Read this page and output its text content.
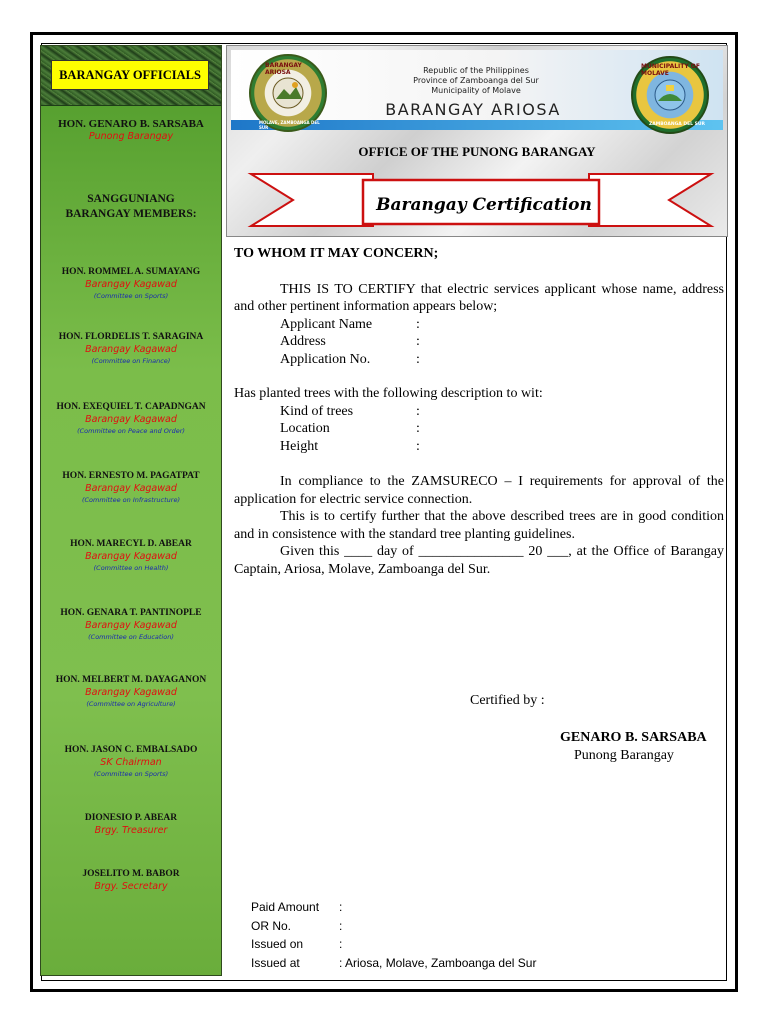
BARANGAY OFFICIALS
HON. GENARO B. SARSABA
Punong Barangay
SANGGUNIANG BARANGAY MEMBERS:
HON. ROMMEL A. SUMAYANG
Barangay Kagawad
(Committee on Sports)
HON. FLORDELIS T. SARAGINA
Barangay Kagawad
(Committee on Finance)
HON. EXEQUIEL T. CAPADNGAN
Barangay Kagawad
(Committee on Peace and Order)
HON. ERNESTO M. PAGATPAT
Barangay Kagawad
(Committee on Infrastructure)
HON. MARECYL D. ABEAR
Barangay Kagawad
(Committee on Health)
HON. GENARA T. PANTINOPLE
Barangay Kagawad
(Committee on Education)
HON. MELBERT M. DAYAGANON
Barangay Kagawad
(Committee on Agriculture)
HON. JASON C. EMBALSADO
SK Chairman
(Committee on Sports)
DIONESIO P. ABEAR
Brgy. Treasurer
JOSELITO M. BABOR
Brgy. Secretary
BARANGAY ARIOSA
MOLAVE, ZAMBOANGA DEL SUR
Republic of the Philippines
Province of Zamboanga del Sur
Municipality of Molave
BARANGAY ARIOSA
MUNICIPALITY OF MOLAVE
ZAMBOANGA DEL SUR
OFFICE OF THE PUNONG BARANGAY
Barangay Certification
TO WHOM IT MAY CONCERN;
THIS IS TO CERTIFY that electric services applicant whose name, address and other pertinent information appears below;
Applicant Name	:
Address	:
Application No.	:
Has planted trees with the following description to wit:
Kind of trees	:
Location	:
Height	:
In compliance to the ZAMSURECO – I requirements for approval of the application for electric service connection.
This is to certify further that the above described trees are in good condition and in consistence with the standard tree planting guidelines.
Given this ____ day of _______________ 20 ___, at the Office of Barangay Captain, Ariosa, Molave, Zamboanga del Sur.
Certified by :
GENARO B. SARSABA
Punong Barangay
Paid Amount	:
OR No.	:
Issued on	:
Issued at	: Ariosa, Molave, Zamboanga del Sur
